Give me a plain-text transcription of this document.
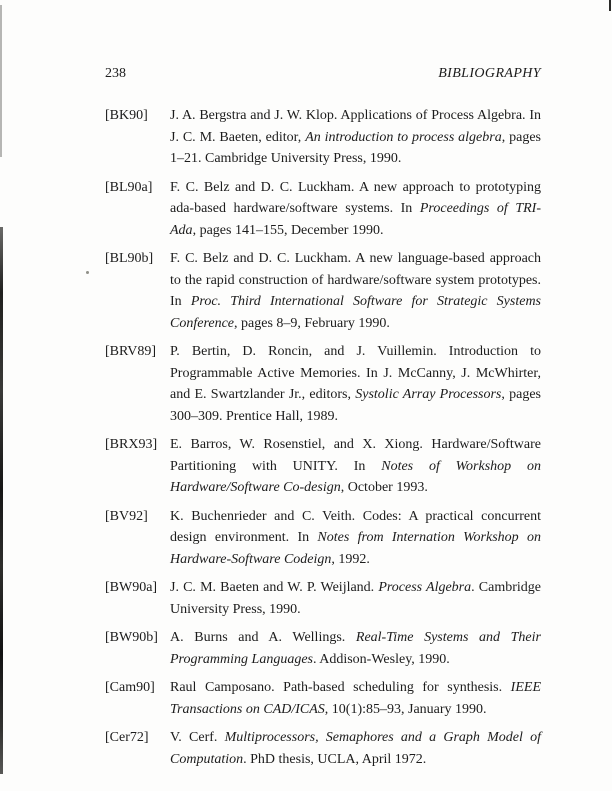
238	BIBLIOGRAPHY
[BK90]	J. A. Bergstra and J. W. Klop. Applications of Process Algebra. In J. C. M. Baeten, editor, An introduction to process algebra, pages 1–21. Cambridge University Press, 1990.
[BL90a]	F. C. Belz and D. C. Luckham. A new approach to prototyping ada-based hardware/software systems. In Proceedings of TRI-Ada, pages 141–155, December 1990.
[BL90b]	F. C. Belz and D. C. Luckham. A new language-based approach to the rapid construction of hardware/software system prototypes. In Proc. Third International Software for Strategic Systems Conference, pages 8–9, February 1990.
[BRV89]	P. Bertin, D. Roncin, and J. Vuillemin. Introduction to Programmable Active Memories. In J. McCanny, J. McWhirter, and E. Swartzlander Jr., editors, Systolic Array Processors, pages 300–309. Prentice Hall, 1989.
[BRX93] E. Barros, W. Rosenstiel, and X. Xiong. Hardware/Software Partitioning with UNITY. In Notes of Workshop on Hardware/Software Co-design, October 1993.
[BV92]	K. Buchenrieder and C. Veith. Codes: A practical concurrent design environment. In Notes from Internation Workshop on Hardware-Software Codeign, 1992.
[BW90a] J. C. M. Baeten and W. P. Weijland. Process Algebra. Cambridge University Press, 1990.
[BW90b] A. Burns and A. Wellings. Real-Time Systems and Their Programming Languages. Addison-Wesley, 1990.
[Cam90]	Raul Camposano. Path-based scheduling for synthesis. IEEE Transactions on CAD/ICAS, 10(1):85–93, January 1990.
[Cer72]	V. Cerf. Multiprocessors, Semaphores and a Graph Model of Computation. PhD thesis, UCLA, April 1972.
